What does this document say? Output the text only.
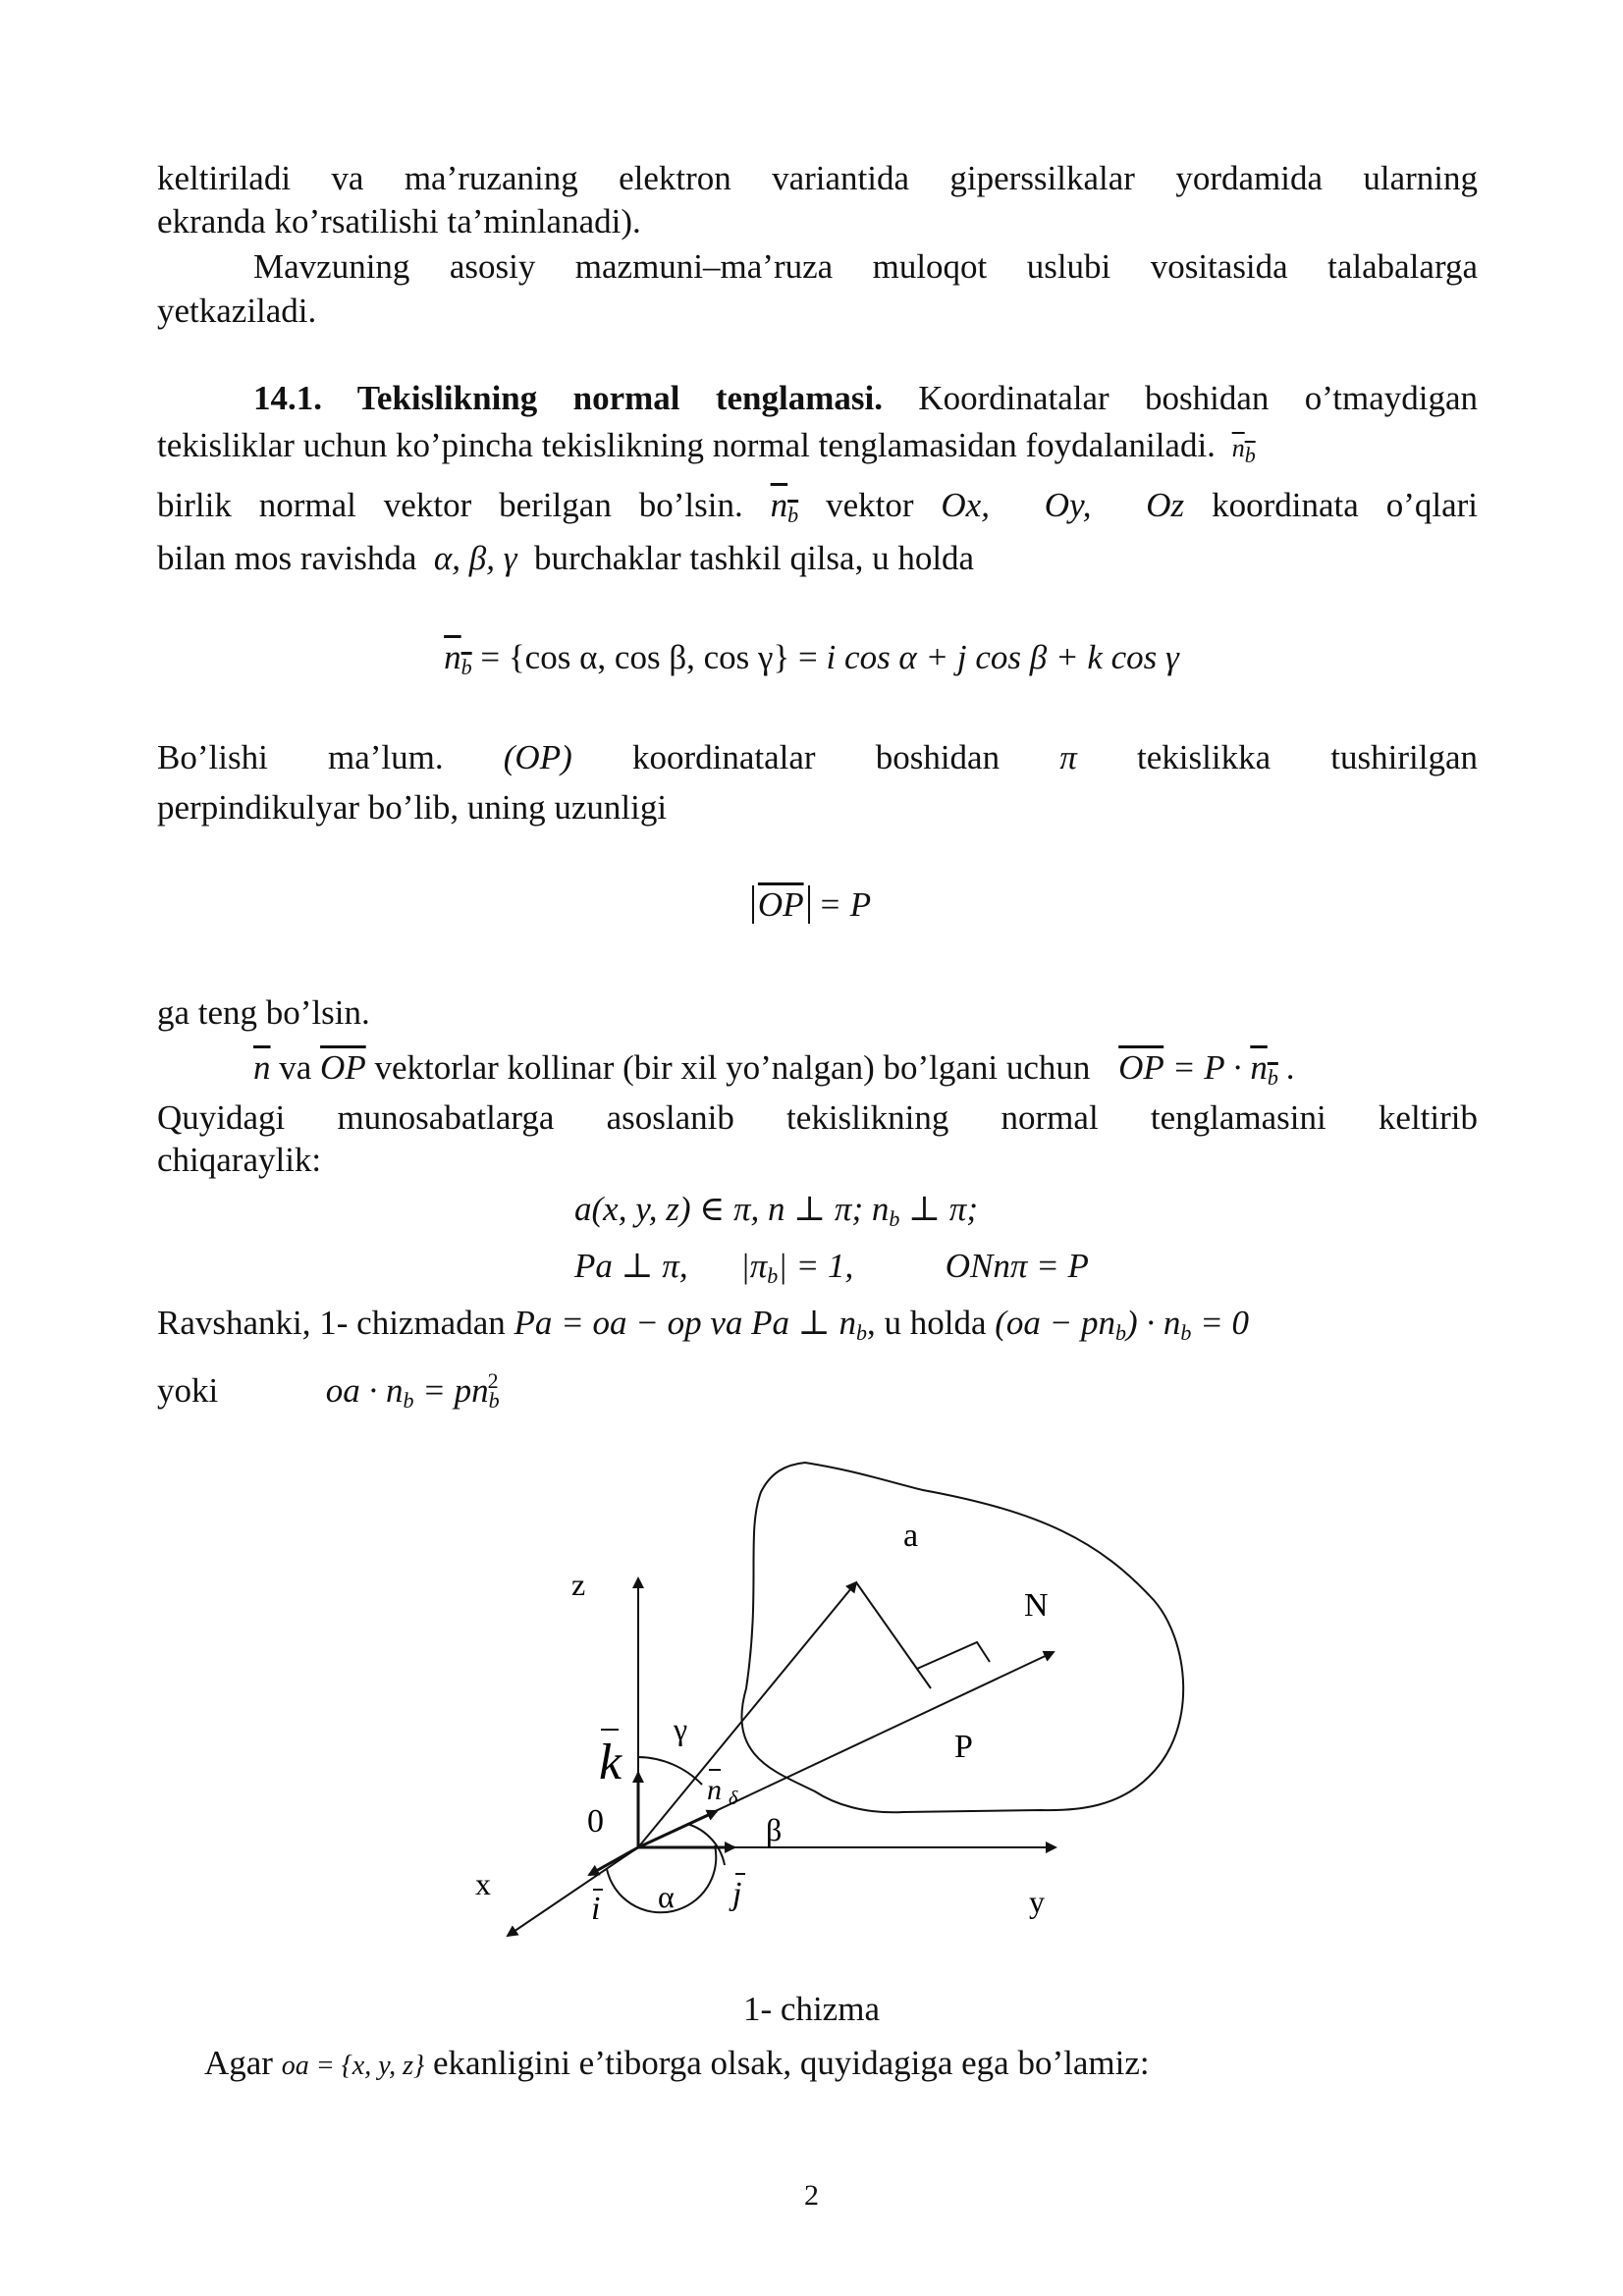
keltiriladi va ma’ruzaning elektron variantida giperssilkalar yordamida ularning
ekranda ko’rsatilishi ta’minlanadi).
Mavzuning asosiy mazmuni–ma’ruza muloqot uslubi vositasida talabalarga
yetkaziladi.
14.1. Tekislikning normal tenglamasi. Koordinatalar boshidan o’tmaydigan
tekisliklar uchun ko’pincha tekislikning normal tenglamasidan foydalaniladi. $n_b$
birlik normal vektor berilgan bo’lsin. $n_b$ vektor Ox,  Oy,  Oz koordinata o’qlari
bilan mos ravishda  α, β, γ  burchaklar tashkil qilsa, u holda
$n_b = \{\cos$ α, cos β, cos γ} = i cos α + j cos β + k cos γ
Bo’lishi ma’lum. (OP) koordinatalar boshidan π tekislikka tushirilgan
perpindikulyar bo’lib, uning uzunligi
$\overline{OP} = P$
ga teng bo’lsin.
$\overline{n}$ va $\overline{OP}$ vektorlar kollinar (bir xil yo’nalgan) bo’lgani uchun $\overline{OP} = P \cdot n_b$ .
Quyidagi munosabatlarga asoslanib tekislikning normal tenglamasini keltirib
chiqaraylik:
a(x, y, z) ∈ π, n ⊥ π; $n_b$ ⊥ π;
Pa ⊥ π, $|\pi_b| = 1$,	ONnπ = P
Ravshanki, 1- chizmadan Pa = oa − op va Pa ⊥ $n_b$, u holda $(oa - pn_b) \cdot n_b = 0$
yoki	oa · $n_b = pn_b^2$
z
x	y
a
N
P
k
0
i	j
α
β
γ
n δ
1- chizma
Agar oa = {x, y, z} ekanligini e’tiborga olsak, quyidagiga ega bo’lamiz:
2
